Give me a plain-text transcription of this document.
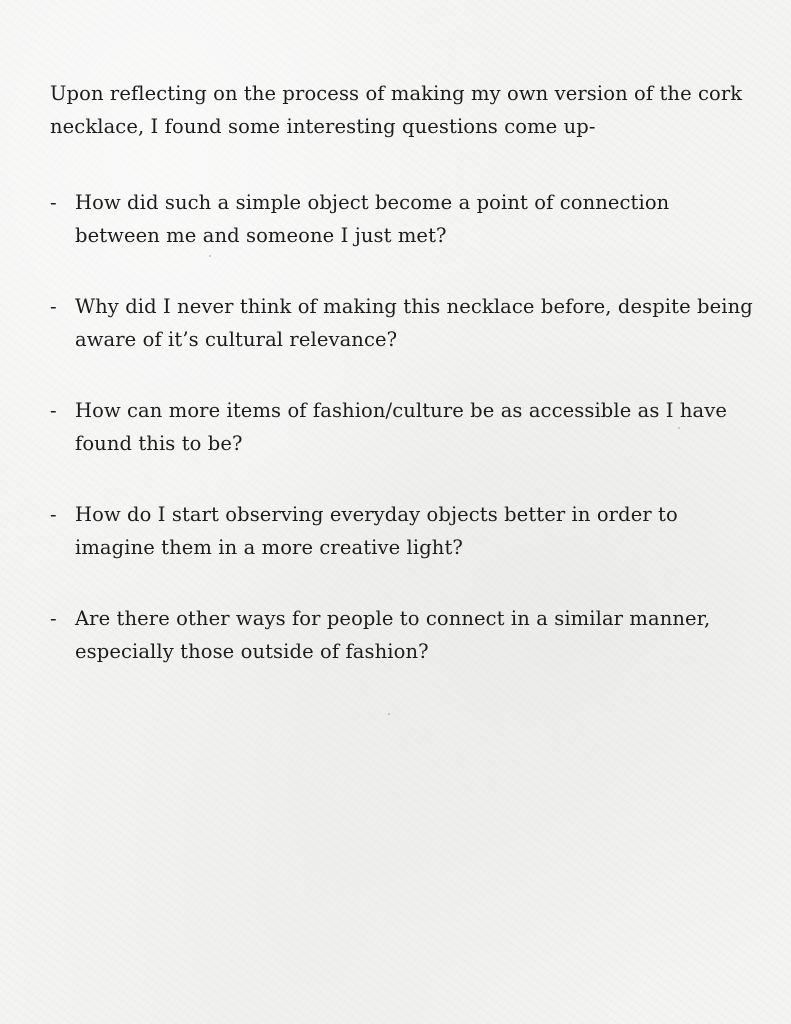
Upon reflecting on the process of making my own version of the cork necklace, I found some interesting questions come up-

- How did such a simple object become a point of connection between me and someone I just met?
- Why did I never think of making this necklace before, despite being aware of it’s cultural relevance?
- How can more items of fashion/culture be as accessible as I have found this to be?
- How do I start observing everyday objects better in order to imagine them in a more creative light?
- Are there other ways for people to connect in a similar manner, especially those outside of fashion?
